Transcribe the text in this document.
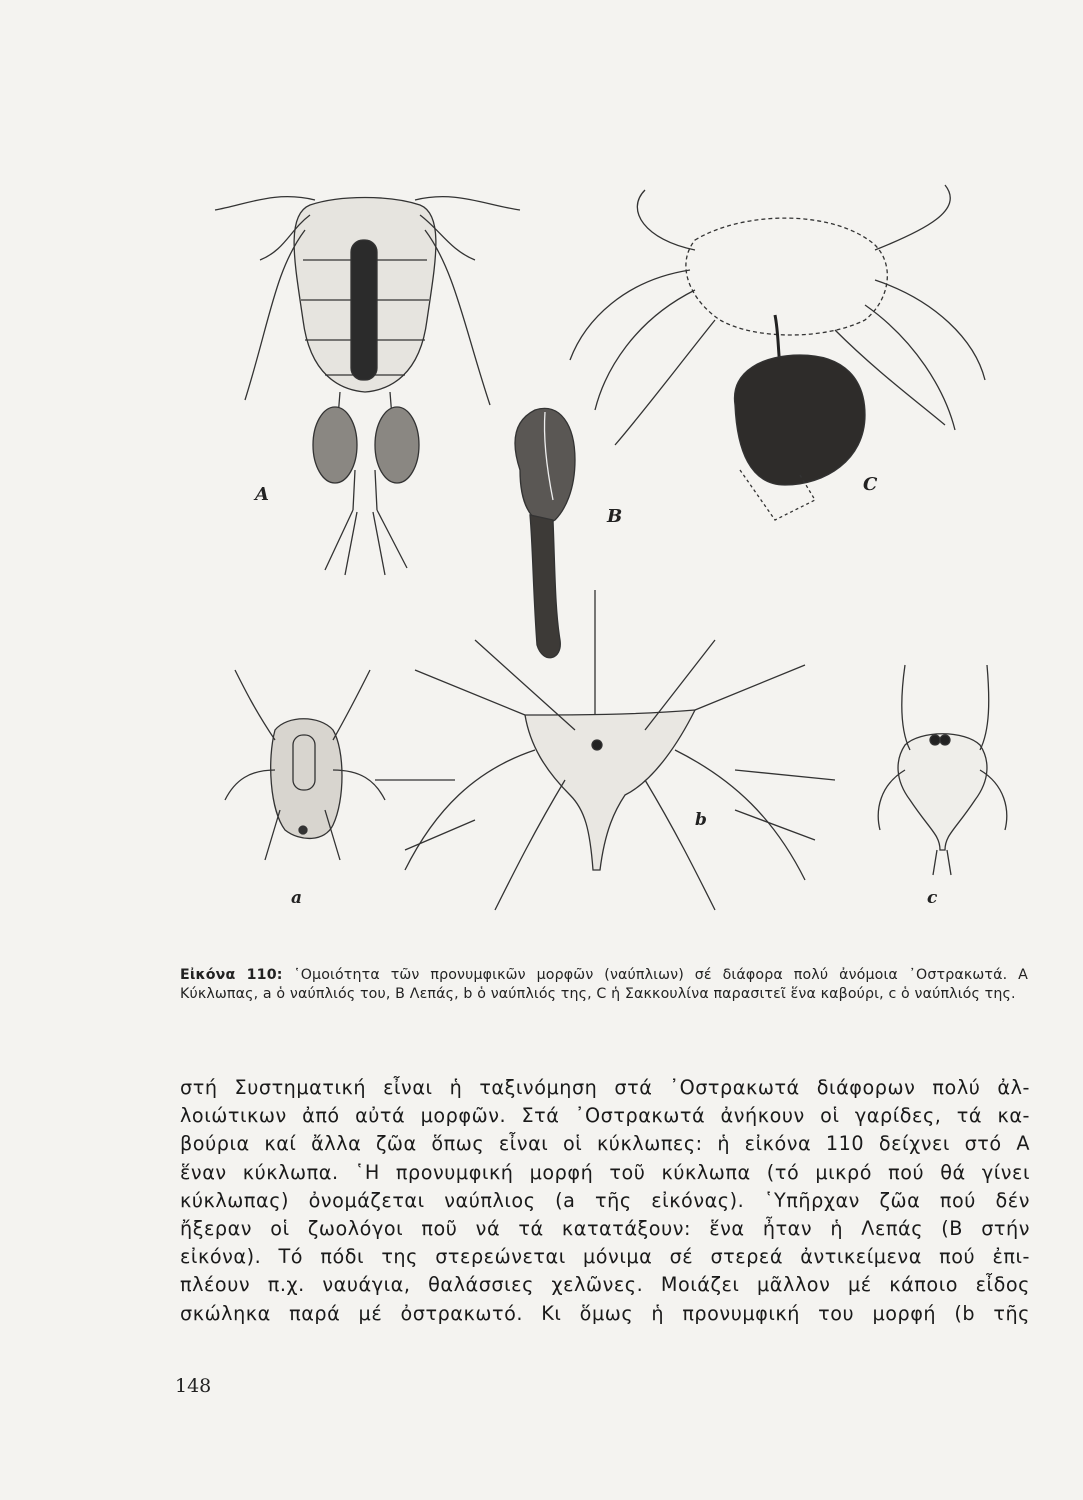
A
B
C
a
b
c
Εἰκόνα 110: ῾Ομοιότητα τῶν προνυμφικῶν μορφῶν (ναύπλιων) σέ διάφορα πολύ ἀνόμοια ᾿Οστρακωτά. Α Κύκλωπας, a ὁ ναύπλιός του, Β Λεπάς, b ὁ ναύπλιός της, C ἡ Σακκουλίνα παρασιτεῖ ἕνα καβούρι, c ὁ ναύπλιός της.
στή Συστηματική εἶναι ἡ ταξινόμηση στά ᾿Οστρακωτά διάφορων πολύ ἀλ-
λοιώτικων ἀπό αὐτά μορφῶν. Στά ᾿Οστρακωτά ἀνήκουν οἱ γαρίδες, τά κα-
βούρια καί ἄλλα ζῶα ὅπως εἶναι οἱ κύκλωπες: ἡ εἰκόνα 110 δείχνει στό Α
ἕναν κύκλωπα. ῾Η προνυμφική μορφή τοῦ κύκλωπα (τό μικρό πού θά γίνει
κύκλωπας) ὀνομάζεται ναύπλιος (a τῆς εἰκόνας). ῾Υπῆρχαν ζῶα πού δέν
ἤξεραν οἱ ζωολόγοι ποῦ νά τά κατατάξουν: ἕνα ἦταν ἡ Λεπάς (Β στήν
εἰκόνα). Τό πόδι της στερεώνεται μόνιμα σέ στερεά ἀντικείμενα πού ἐπι-
πλέουν π.χ. ναυάγια, θαλάσσιες χελῶνες. Μοιάζει μᾶλλον μέ κάποιο εἶδος
σκώληκα παρά μέ ὀστρακωτό. Κι ὅμως ἡ προνυμφική του μορφή (b τῆς
148
